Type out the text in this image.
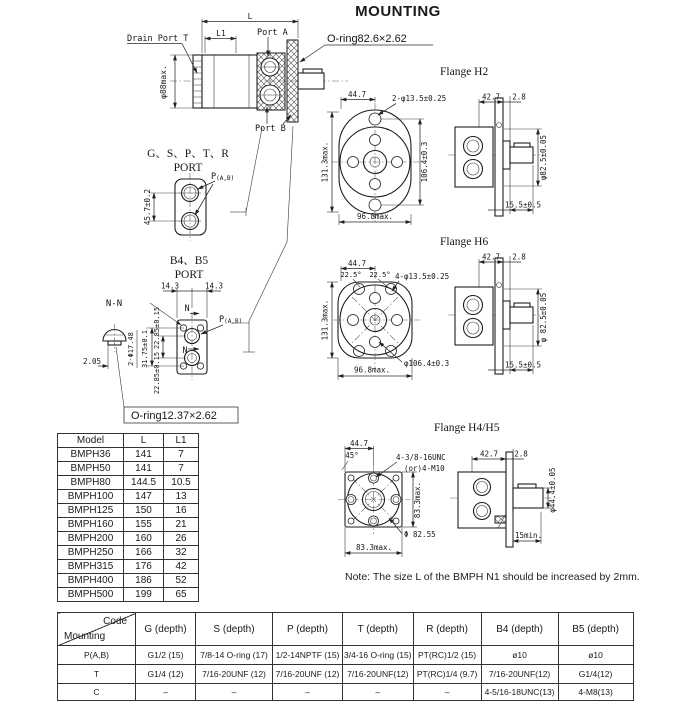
MOUNTING
L
L1
Drain Port T
φ88max.
Port A
Port B
O-ring82.6×2.62
G、S、P、T、R
PORT
45.7±0.2
P(A,B)
B4、B5
PORT
14.3	14.3
N
N
P(A,B)
31.75±0.1 22.85±0.15
22.85±0.15
2-Φ17.48
N-N
2.05
O-ring12.37×2.62
Flange H2
44.7	2-φ13.5±0.25
131.3max.	106.4±0.3
96.8max.
42.7 2.8
φ82.5±0.05
15.5±0.5
Flange H6
44.7
22.5° 22.5° 4-φ13.5±0.25
131.3max.
96.8max.
φ106.4±0.3
42.7 2.8
φ 82.5±0.05
15.5±0.5
Flange H4/H5
44.7
45°	4-3/8-16UNC
(or)4-M10
83.3max.
Φ 82.55
83.3max.
42.7 2.8
φ44.4±0.05
15min.
Note: The size L of the BMPH N1 should be increased by 2mm.
Model	L	L1
BMPH36	141	7
BMPH50	141	7
BMPH80	144.5	10.5
BMPH100	147	13
BMPH125	150	16
BMPH160	155	21
BMPH200	160	26
BMPH250	166	32
BMPH315	176	42
BMPH400	186	52
BMPH500	199	65
Code
Mounting	G (depth)	S (depth)	P (depth)	T (depth)	R (depth)	B4 (depth)	B5 (depth)
P(A,B)	G1/2 (15)	7/8-14 O-ring (17)	1/2-14NPTF (15)	3/4-16 O-ring (15)	PT(RC)1/2 (15)	ø10	ø10
T	G1/4 (12)	7/16-20UNF (12)	7/16-20UNF (12)	7/16-20UNF(12)	PT(RC)1/4 (9.7)	7/16-20UNF(12)	G1/4(12)
C	–	–	–	–	–	4-5/16-18UNC(13)	4-M8(13)
